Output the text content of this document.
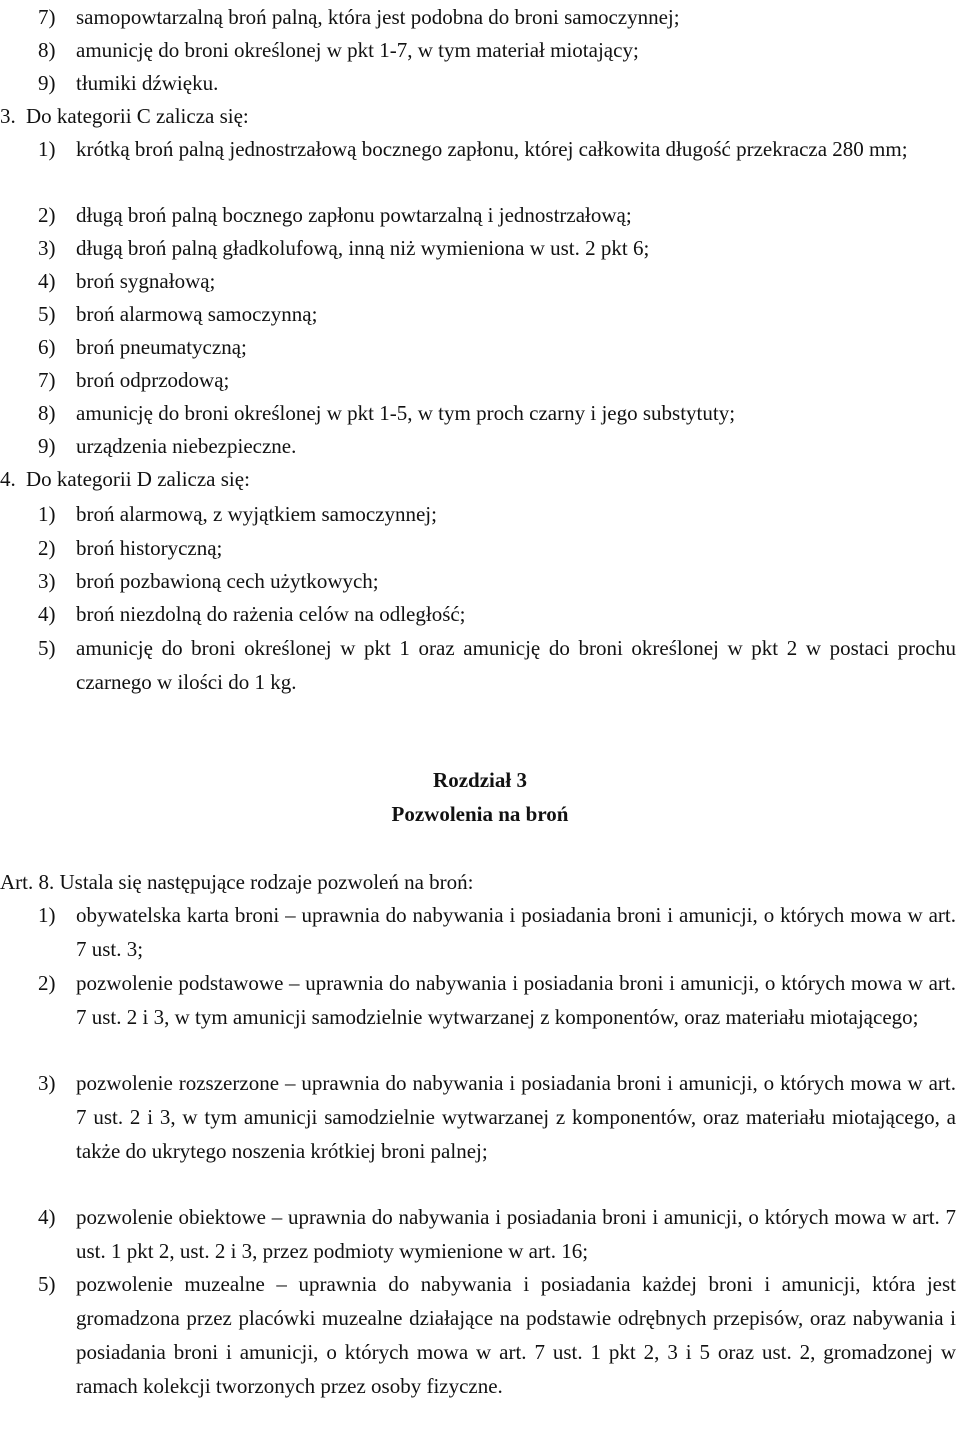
7) samopowtarzalną broń palną, która jest podobna do broni samoczynnej;
8) amunicję do broni określonej w pkt 1-7, w tym materiał miotający;
9) tłumiki dźwięku.
3. Do kategorii C zalicza się:
1) krótką broń palną jednostrzałową bocznego zapłonu, której całkowita długość przekracza 280 mm;
2) długą broń palną bocznego zapłonu powtarzalną i jednostrzałową;
3) długą broń palną gładkolufową, inną niż wymieniona w ust. 2 pkt 6;
4) broń sygnałową;
5) broń alarmową samoczynną;
6) broń pneumatyczną;
7) broń odprzodową;
8) amunicję do broni określonej w pkt 1-5, w tym proch czarny i jego substytuty;
9) urządzenia niebezpieczne.
4. Do kategorii D zalicza się:
1) broń alarmową, z wyjątkiem samoczynnej;
2) broń historyczną;
3) broń pozbawioną cech użytkowych;
4) broń niezdolną do rażenia celów na odległość;
5) amunicję do broni określonej w pkt 1 oraz amunicję do broni określonej w pkt 2 w postaci prochu czarnego w ilości do 1 kg.
Rozdział 3
Pozwolenia na broń
Art. 8. Ustala się następujące rodzaje pozwoleń na broń:
1) obywatelska karta broni – uprawnia do nabywania i posiadania broni i amunicji, o których mowa w art. 7 ust. 3;
2) pozwolenie podstawowe – uprawnia do nabywania i posiadania broni i amunicji, o których mowa w art. 7 ust. 2 i 3, w tym amunicji samodzielnie wytwarzanej z komponentów, oraz materiału miotającego;
3) pozwolenie rozszerzone – uprawnia do nabywania i posiadania broni i amunicji, o których mowa w art. 7 ust. 2 i 3, w tym amunicji samodzielnie wytwarzanej z komponentów, oraz materiału miotającego, a także do ukrytego noszenia krótkiej broni palnej;
4) pozwolenie obiektowe – uprawnia do nabywania i posiadania broni i amunicji, o których mowa w art. 7 ust. 1 pkt 2, ust. 2 i 3, przez podmioty wymienione w art. 16;
5) pozwolenie muzealne – uprawnia do nabywania i posiadania każdej broni i amunicji, która jest gromadzona przez placówki muzealne działające na podstawie odrębnych przepisów, oraz nabywania i posiadania broni i amunicji, o których mowa w art. 7 ust. 1 pkt 2, 3 i 5 oraz ust. 2, gromadzonej w ramach kolekcji tworzonych przez osoby fizyczne.
